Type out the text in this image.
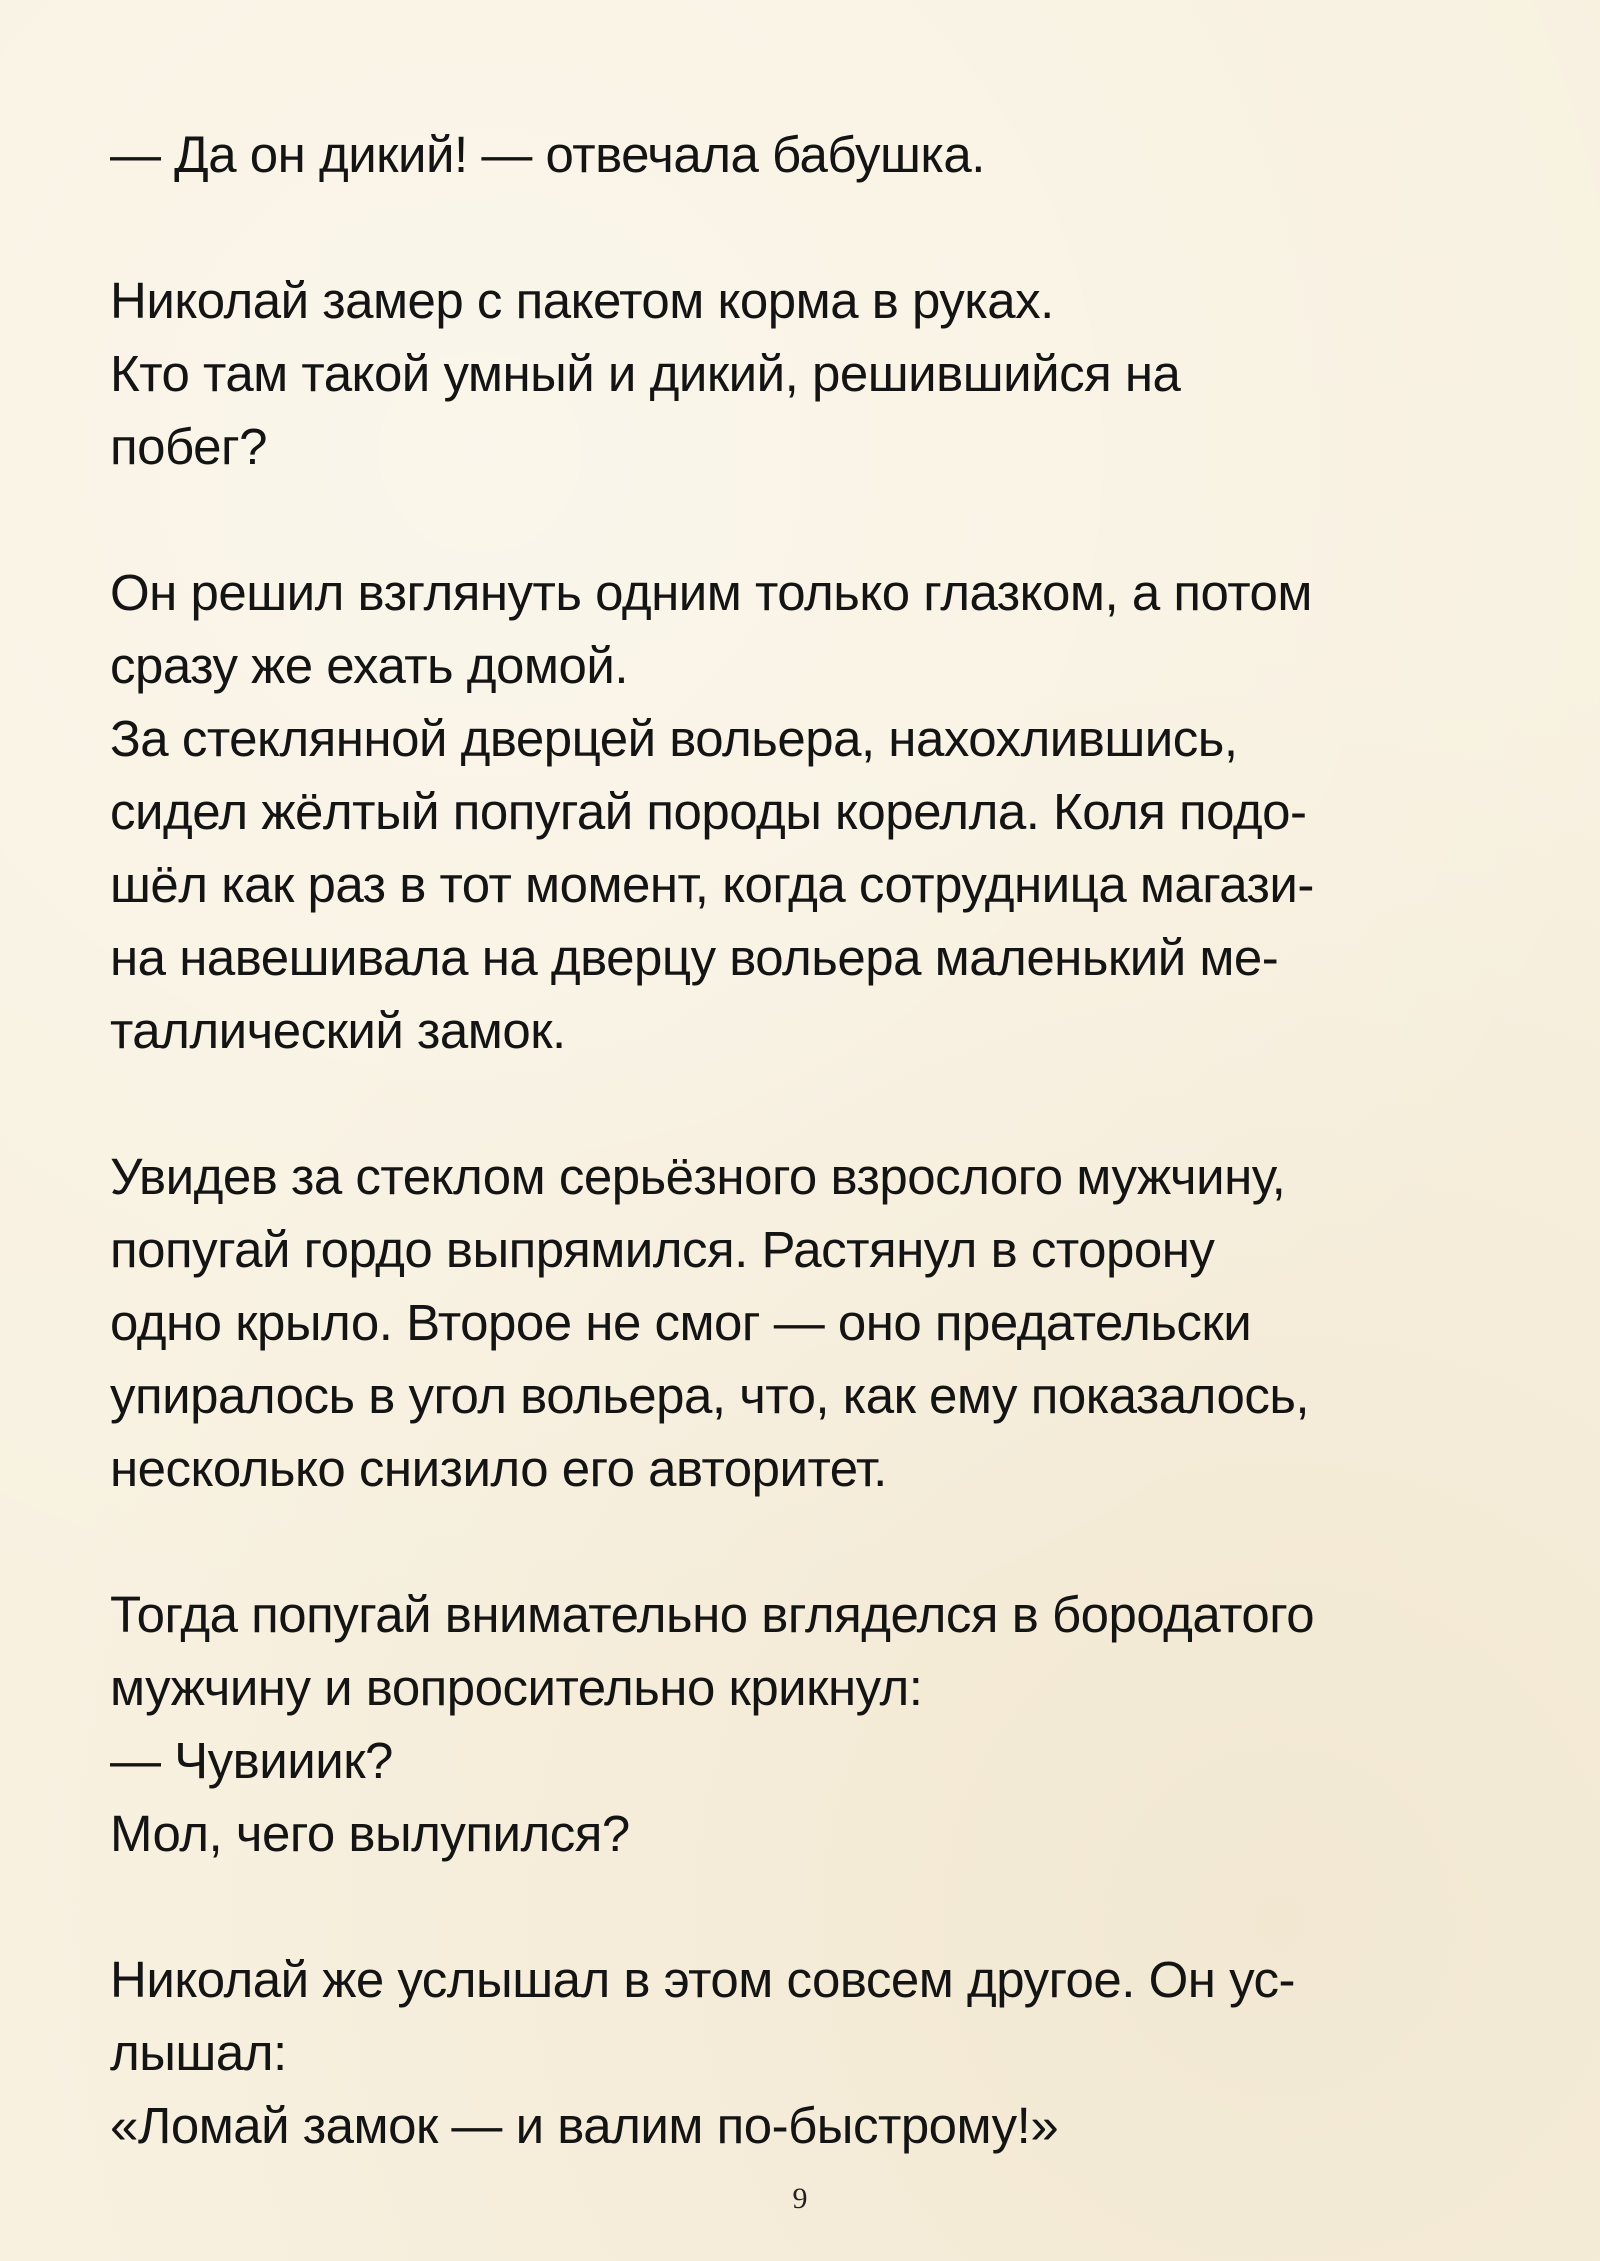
— Да он дикий! — отвечала бабушка.
Николай замер с пакетом корма в руках.
Кто там такой умный и дикий, решившийся на
побег?
Он решил взглянуть одним только глазком, а потом
сразу же ехать домой.
За стеклянной дверцей вольера, нахохлившись,
сидел жёлтый попугай породы корелла. Коля подо-
шёл как раз в тот момент, когда сотрудница магази-
на навешивала на дверцу вольера маленький ме-
таллический замок.
Увидев за стеклом серьёзного взрослого мужчину,
попугай гордо выпрямился. Растянул в сторону
одно крыло. Второе не смог — оно предательски
упиралось в угол вольера, что, как ему показалось,
несколько снизило его авторитет.
Тогда попугай внимательно вгляделся в бородатого
мужчину и вопросительно крикнул:
— Чувииик?
Мол, чего вылупился?
Николай же услышал в этом совсем другое. Он ус-
лышал:
«Ломай замок — и валим по-быстрому!»
9
